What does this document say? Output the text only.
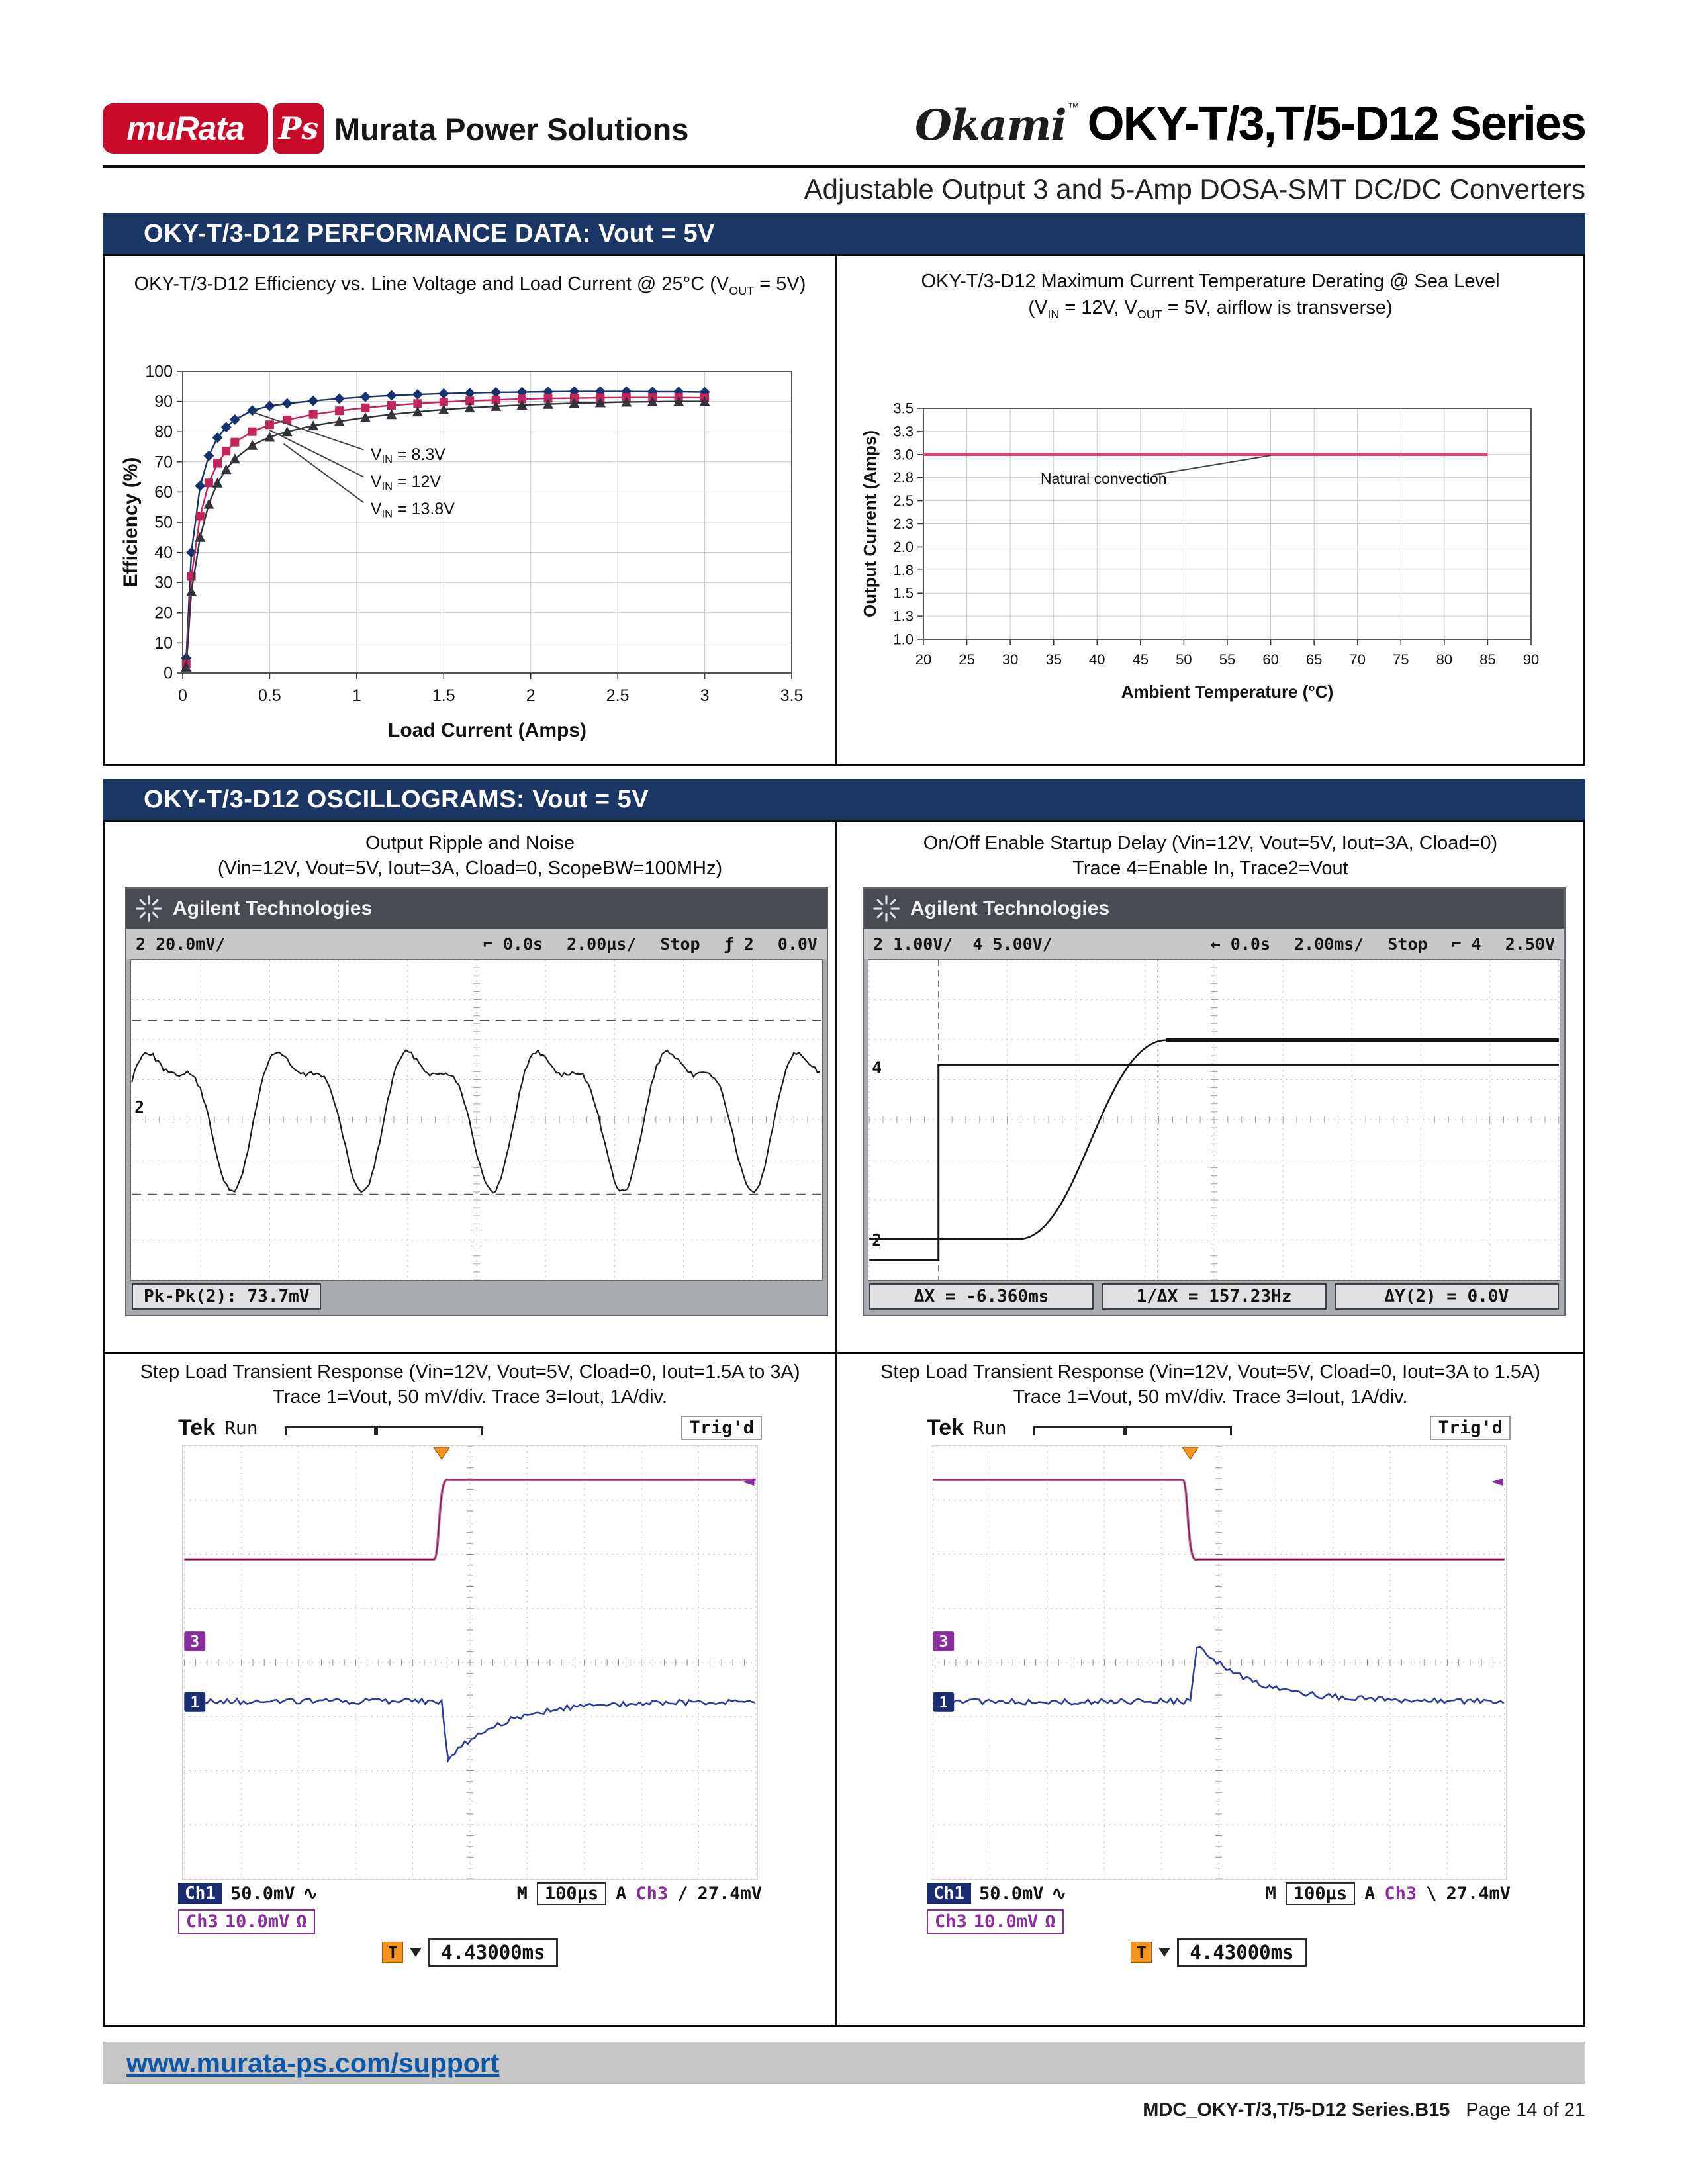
muRata Ps Murata Power Solutions	Okami ™ OKY-T/3,T/5-D12 Series
Adjustable Output 3 and 5-Amp DOSA-SMT DC/DC Converters
OKY-T/3-D12 PERFORMANCE DATA: Vout = 5V
OKY-T/3-D12 Efficiency vs. Line Voltage and Load Current @ 25°C $(V_{OUT} = 5V)$
0
10
20
30
40
50
60
70
80
90
100
0	0.5	1	1.5	2	2.5	3	3.5
VIN = 8.3V
VIN = 12V
VIN = 13.8V
Load Current (Amps)
Efficiency (%)
OKY-T/3-D12 Maximum Current Temperature Derating @ Sea Level
($V_{IN} = 12V$, $V_{OUT} = 5V$, airflow is transverse)
1.0
1.3
1.5
1.8
2.0
2.3
2.5
2.8
3.0
3.3
3.5
20 25 30 35 40 45 50 55 60 65 70 75 80 85 90
Natural convection
Ambient Temperature (°C)
Output Current (Amps)
OKY-T/3-D12 OSCILLOGRAMS: Vout = 5V
Output Ripple and Noise
(Vin=12V, Vout=5V, Iout=3A, Cload=0, ScopeBW=100MHz)
Agilent Technologies
2 20.0mV/	⌐ 0.0s 2.00µs/ Stop ƒ 2 0.0V
2
Pk-Pk(2): 73.7mV
On/Off Enable Startup Delay (Vin=12V, Vout=5V, Iout=3A, Cload=0)
Trace 4=Enable In, Trace2=Vout
Agilent Technologies
2 1.00V/ 4 5.00V/	← 0.0s 2.00ms/ Stop ⌐ 4 2.50V
4
2
ΔX = -6.360ms	1/ΔX = 157.23Hz	ΔY(2) = 0.0V
Step Load Transient Response (Vin=12V, Vout=5V, Cload=0, Iout=1.5A to 3A)
Trace 1=Vout, 50 mV/div. Trace 3=Iout, 1A/div.
Tek Run	Trig'd
3
1
◄
Ch1 50.0mV ∿	M 100µs A Ch3 / 27.4mV
Ch3 10.0mV Ω
T	4.43000ms
Step Load Transient Response (Vin=12V, Vout=5V, Cload=0, Iout=3A to 1.5A)
Trace 1=Vout, 50 mV/div. Trace 3=Iout, 1A/div.
Tek Run	Trig'd
3
1
◄
Ch1 50.0mV ∿	M 100µs A Ch3 \ 27.4mV
Ch3 10.0mV Ω
T	4.43000ms
www.murata-ps.com/support
MDC_OKY-T/3,T/5-D12 Series.B15 Page 14 of 21
